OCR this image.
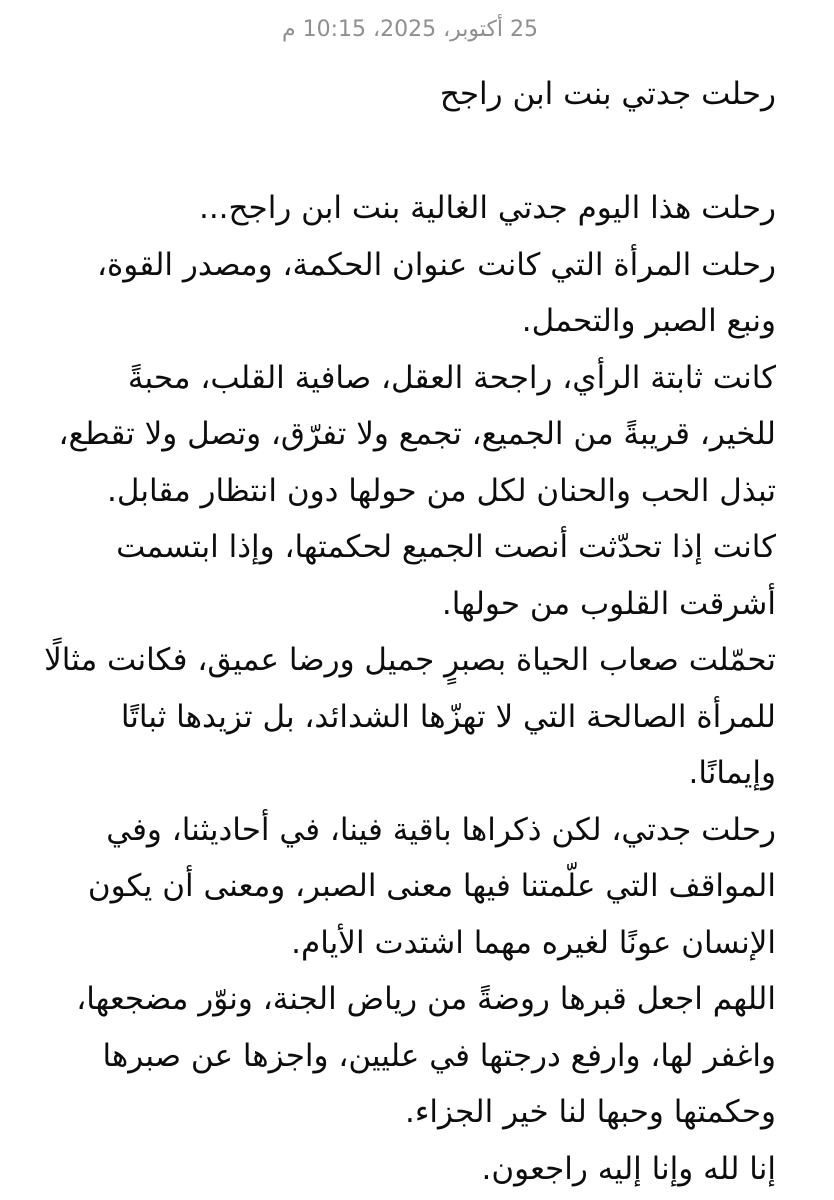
25 أكتوبر، 2025، 10:15 م
رحلت جدتي بنت ابن راجح

رحلت هذا اليوم جدتي الغالية بنت ابن راجح...

رحلت المرأة التي كانت عنوان الحكمة، ومصدر القوة، ونبع الصبر والتحمل.

كانت ثابتة الرأي، راجحة العقل، صافية القلب، محبةً للخير، قريبةً من الجميع، تجمع ولا تفرّق، وتصل ولا تقطع، تبذل الحب والحنان لكل من حولها دون انتظار مقابل.

كانت إذا تحدّثت أنصت الجميع لحكمتها، وإذا ابتسمت أشرقت القلوب من حولها.

تحمّلت صعاب الحياة بصبرٍ جميل ورضا عميق، فكانت مثالًا للمرأة الصالحة التي لا تهزّها الشدائد، بل تزيدها ثباتًا وإيمانًا.

رحلت جدتي، لكن ذكراها باقية فينا، في أحاديثنا، وفي المواقف التي علّمتنا فيها معنى الصبر، ومعنى أن يكون الإنسان عونًا لغيره مهما اشتدت الأيام.

اللهم اجعل قبرها روضةً من رياض الجنة، ونوّر مضجعها، واغفر لها، وارفع درجتها في عليين، واجزها عن صبرها وحكمتها وحبها لنا خير الجزاء.

إنا لله وإنا إليه راجعون.
